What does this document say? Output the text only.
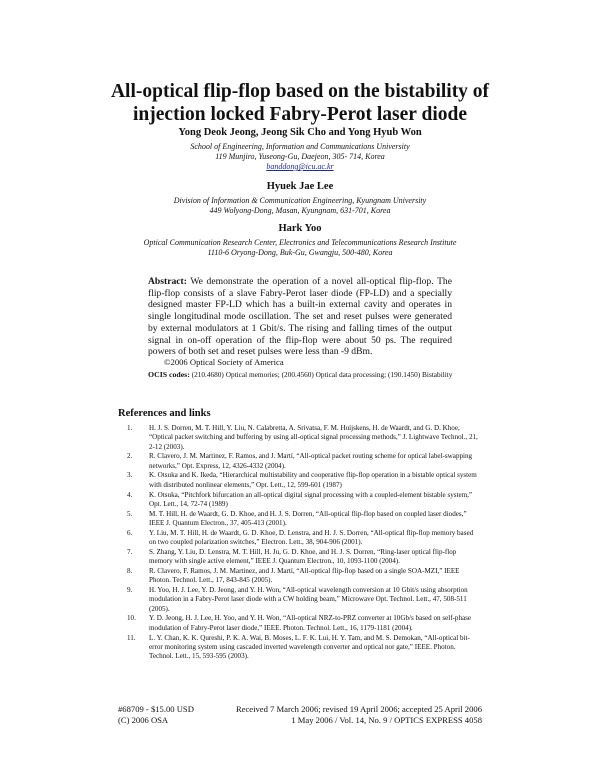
All-optical flip-flop based on the bistability of
injection locked Fabry-Perot laser diode
Yong Deok Jeong, Jeong Sik Cho and Yong Hyub Won
School of Engineering, Information and Communications University
119 Munjiro, Yuseong-Gu, Daejeon, 305- 714, Korea
banddong@icu.ac.kr
Hyuek Jae Lee
Division of Information & Communication Engineering, Kyungnam University
449 Wolyong-Dong, Masan, Kyungnam, 631-701, Korea
Hark Yoo
Optical Communication Research Center, Electronics and Telecommunications Research Institute
1110-6 Oryong-Dong, Buk-Gu, Gwangju, 500-480, Korea
Abstract: We demonstrate the operation of a novel all-optical flip-flop. The flip-flop consists of a slave Fabry-Perot laser diode (FP-LD) and a specially designed master FP-LD which has a built-in external cavity and operates in single longitudinal mode oscillation. The set and reset pulses were generated by external modulators at 1 Gbit/s. The rising and falling times of the output signal in on-off operation of the flip-flop were about 50 ps. The required powers of both set and reset pulses were less than -9 dBm.
©2006 Optical Society of America
OCIS codes: (210.4680) Optical memories; (200.4560) Optical data processing; (190.1450) Bistability
References and links
1. H. J. S. Dorren, M. T. Hill, Y. Liu, N. Calabretta, A. Srivatsa, F. M. Huijskens, H. de Waardt, and G. D. Khoe, “Optical packet switching and buffering by using all-optical signal processing methods,” J. Lightwave Technol., 21, 2-12 (2003).
2. R. Clavero, J. M. Martinez, F. Ramos, and J. Martí, “All-optical packet routing scheme for optical label-swapping networks,” Opt. Express, 12, 4326-4332 (2004).
3. K. Otsuka and K. Ikeda, “Hierarchical multistability and cooperative flip-flop operation in a bistable optical system with distributed nonlinear elements,” Opt. Lett., 12, 599-601 (1987)
4. K. Otsuka, “Pitchfork bifurcation an all-optical digital signal processing with a coupled-element bistable system,” Opt. Lett., 14, 72-74 (1989)
5. M. T. Hill, H. de Waardt, G. D. Khoe, and H. J. S. Dorren, “All-optical flip-flop based on coupled laser diodes,” IEEE J. Quantum Electron., 37, 405-413 (2001).
6. Y. Liu, M. T. Hill, H. de Waardt, G. D. Khoe, D. Lenstra, and H. J. S. Dorren, “All-optical flip-flop memory based on two coupled polarization switches,” Electron. Lett., 38, 904-906 (2001).
7. S. Zhang, Y. Liu, D. Lenstra, M. T. Hill, H. Ju, G. D. Khoe, and H. J. S. Dorren, “Ring-laser optical flip-flop memory with single active element,” IEEE J. Quantum Electron., 10, 1093-1100 (2004).
8. R. Clavero, F. Ramos, J. M. Martinez, and J. Martí, “All-optical flip-flop based on a single SOA-MZI,” IEEE Photon. Technol. Lett., 17, 843-845 (2005).
9. H. Yoo, H. J. Lee, Y. D. Jeong, and Y. H. Won, “All-optical wavelength conversion at 10 Gbit/s using absorption modulation in a Fabry-Perot laser diode with a CW holding beam,” Microwave Opt. Technol. Lett., 47, 508-511 (2005).
10. Y. D. Jeong, H. J. Lee, H. Yoo, and Y. H. Won, “All-optical NRZ-to-PRZ converter at 10Gb/s based on self-phase modulation of Fabry-Perot laser diode,” IEEE. Photon. Technol. Lett., 16, 1179-1181 (2004).
11. L. Y. Chan, K. K. Qureshi, P. K. A. Wai, B. Moses, L. F. K. Lui, H. Y. Tam, and M. S. Demokan, “All-optical bit-error monitoring system using cascaded inverted wavelength converter and optical nor gate,” IEEE. Photon. Technol. Lett., 15, 593-595 (2003).
#68709 - $15.00 USD
(C) 2006 OSA
Received 7 March 2006; revised 19 April 2006; accepted 25 April 2006
1 May 2006 / Vol. 14, No. 9 / OPTICS EXPRESS 4058
